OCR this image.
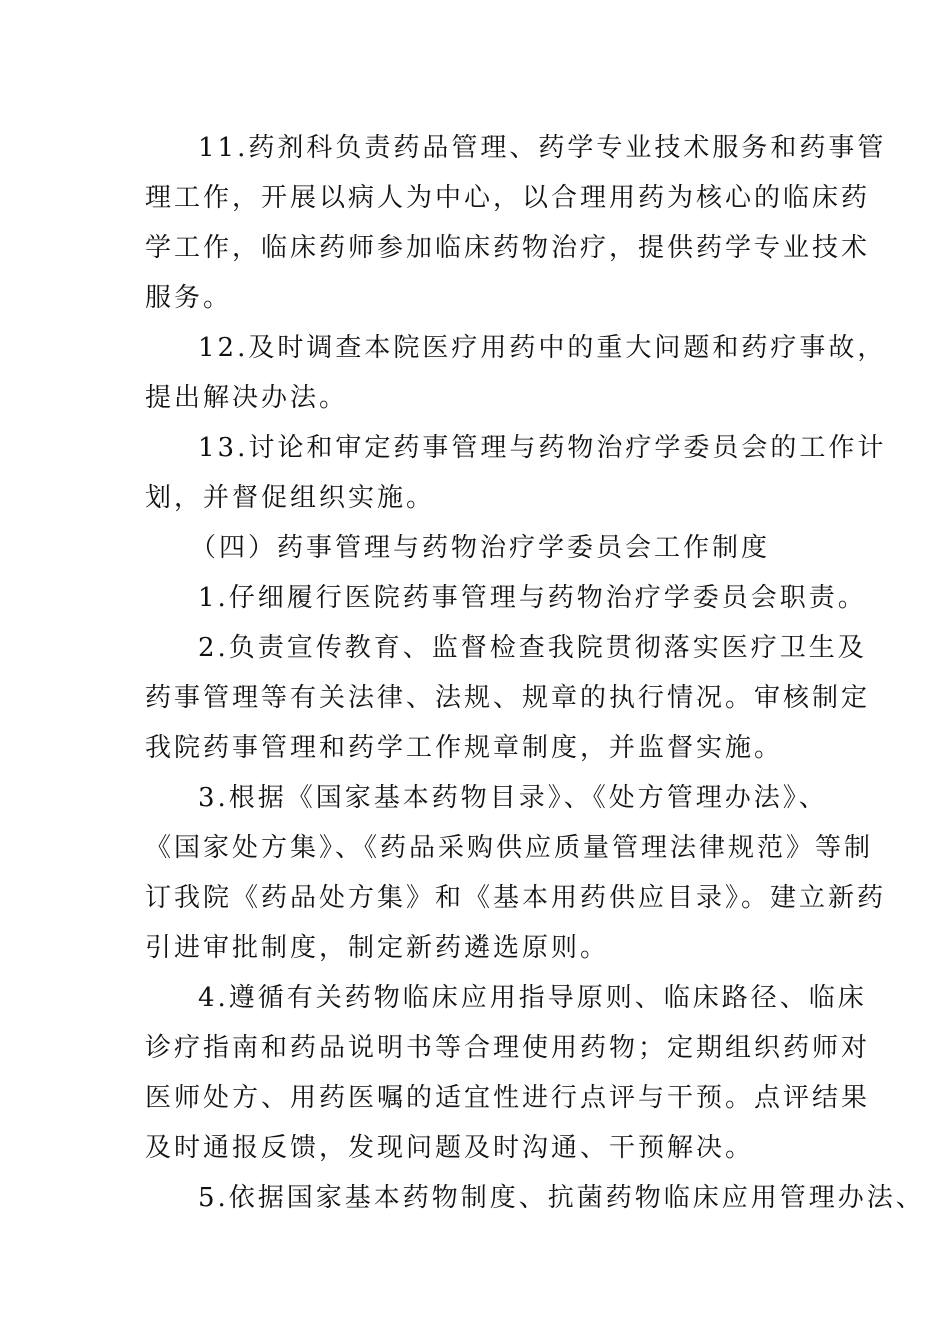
11.药剂科负责药品管理、药学专业技术服务和药事管
理工作，开展以病人为中心，以合理用药为核心的临床药
学工作，临床药师参加临床药物治疗，提供药学专业技术
服务。
12.及时调查本院医疗用药中的重大问题和药疗事故，
提出解决办法。
13.讨论和审定药事管理与药物治疗学委员会的工作计
划，并督促组织实施。
（四）药事管理与药物治疗学委员会工作制度
1.仔细履行医院药事管理与药物治疗学委员会职责。
2.负责宣传教育、监督检查我院贯彻落实医疗卫生及
药事管理等有关法律、法规、规章的执行情况。审核制定
我院药事管理和药学工作规章制度，并监督实施。
3.根据《国家基本药物目录》、《处方管理办法》、
《国家处方集》、《药品采购供应质量管理法律规范》等制
订我院《药品处方集》和《基本用药供应目录》。建立新药
引进审批制度，制定新药遴选原则。
4.遵循有关药物临床应用指导原则、临床路径、临床
诊疗指南和药品说明书等合理使用药物；定期组织药师对
医师处方、用药医嘱的适宜性进行点评与干预。点评结果
及时通报反馈，发现问题及时沟通、干预解决。
5.依据国家基本药物制度、抗菌药物临床应用管理办法、
